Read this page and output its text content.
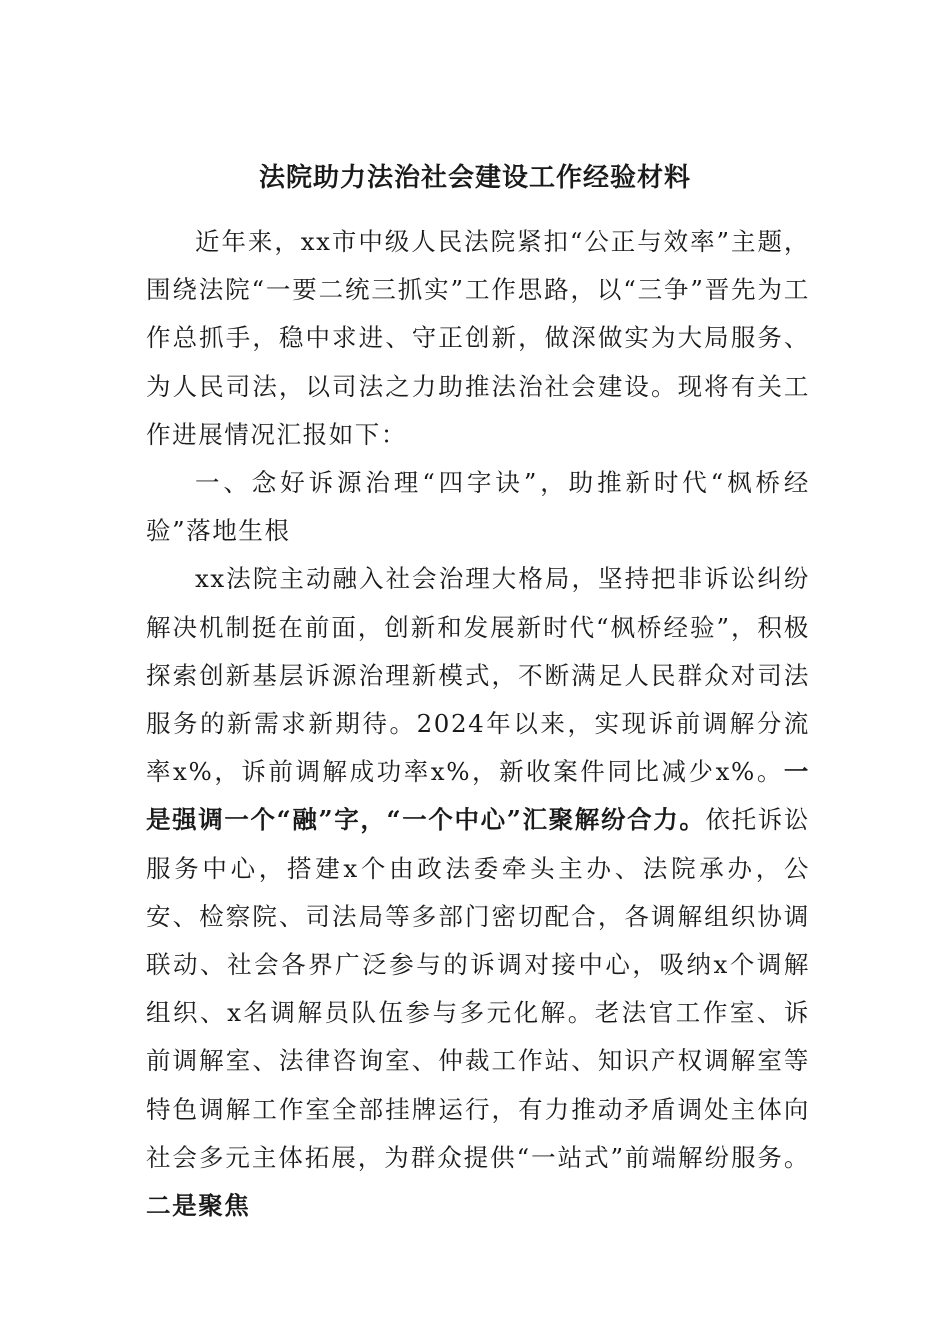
法院助力法治社会建设工作经验材料

近年来，xx市中级人民法院紧扣“公正与效率”主题，围绕法院“一要二统三抓实”工作思路，以“三争”晋先为工作总抓手，稳中求进、守正创新，做深做实为大局服务、为人民司法，以司法之力助推法治社会建设。现将有关工作进展情况汇报如下：

一、念好诉源治理“四字诀”，助推新时代“枫桥经验”落地生根

xx法院主动融入社会治理大格局，坚持把非诉讼纠纷解决机制挺在前面，创新和发展新时代“枫桥经验”，积极探索创新基层诉源治理新模式，不断满足人民群众对司法服务的新需求新期待。2024年以来，实现诉前调解分流率x%，诉前调解成功率x%，新收案件同比减少x%。一是强调一个“融”字，“一个中心”汇聚解纷合力。依托诉讼服务中心，搭建x个由政法委牵头主办、法院承办，公安、检察院、司法局等多部门密切配合，各调解组织协调联动、社会各界广泛参与的诉调对接中心，吸纳x个调解组织、x名调解员队伍参与多元化解。老法官工作室、诉前调解室、法律咨询室、仲裁工作站、知识产权调解室等特色调解工作室全部挂牌运行，有力推动矛盾调处主体向社会多元主体拓展，为群众提供“一站式”前端解纷服务。二是聚焦
